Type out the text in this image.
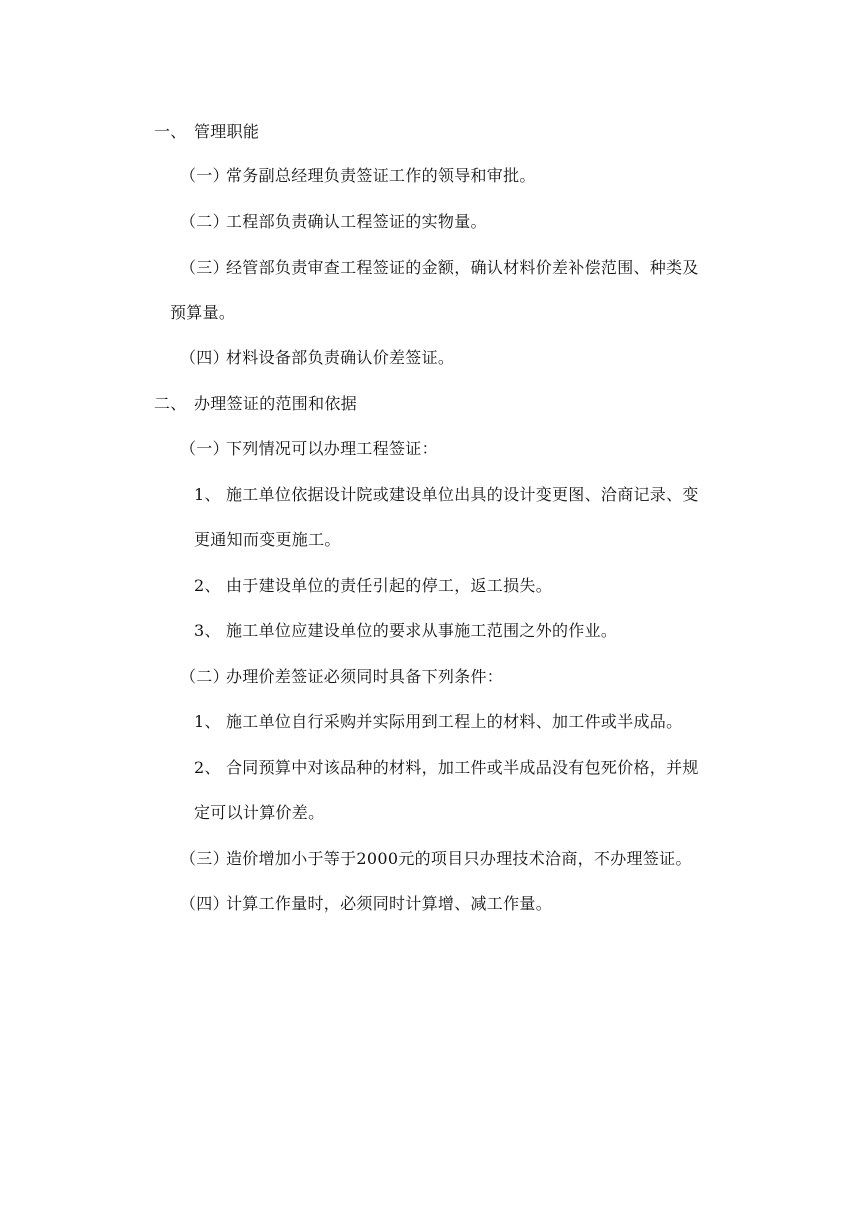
一、 管理职能
（一）常务副总经理负责签证工作的领导和审批。
（二）工程部负责确认工程签证的实物量。
（三）经管部负责审查工程签证的金额，确认材料价差补偿范围、种类及
预算量。
（四）材料设备部负责确认价差签证。
二、 办理签证的范围和依据
（一）下列情况可以办理工程签证：
1、 施工单位依据设计院或建设单位出具的设计变更图、洽商记录、变
更通知而变更施工。
2、 由于建设单位的责任引起的停工，返工损失。
3、 施工单位应建设单位的要求从事施工范围之外的作业。
（二）办理价差签证必须同时具备下列条件：
1、 施工单位自行采购并实际用到工程上的材料、加工件或半成品。
2、 合同预算中对该品种的材料，加工件或半成品没有包死价格，并规
定可以计算价差。
（三）造价增加小于等于2000元的项目只办理技术洽商，不办理签证。
（四）计算工作量时，必须同时计算增、减工作量。
